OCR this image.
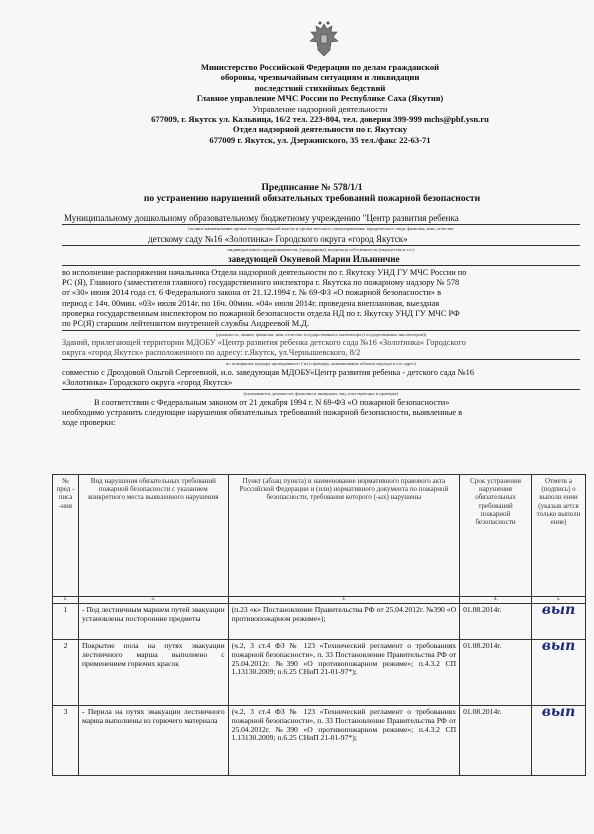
Министерство Российской Федерации по делам гражданской
обороны, чрезвычайным ситуациям и ликвидации
последствий стихийных бедствий
Главное управление МЧС России по Республике Саха (Якутия)
Управление надзорной деятельности
677009, г. Якутск ул. Кальвица, 16/2 тел. 223-804, тел. доверия 399-999 mchs@pbf.ysn.ru
Отдел надзорной деятельности по г. Якутску
677009 г. Якутск, ул. Дзержинского, 35 тел./факс 22-63-71
Предписание № 578/1/1
по устранению нарушений обязательных требований пожарной безопасности
Муниципальному дошкольному образовательному бюджетному учреждению "Центр развития ребенка
(полное наименование органа государственной власти и органа местного самоуправления, юридического лица, фамилия, имя, отчество
детскому саду №16 «Золотинка» Городского округа «город Якутск»
индивидуального предпринимателя, (гражданина), владельца собственности (имущества и т.п.)
заведующей Окуневой Марии Ильиничне
во исполнение распоряжения начальника Отдела надзорной деятельности по г. Якутску УНД ГУ МЧС России по
РС (Я), Главного (заместителя главного) государственного инспектора г. Якутска по пожарному надзору № 578
от «30» июня 2014 года ст. 6 Федерального закона от 21.12.1994 г. № 69-ФЗ «О пожарной безопасности» в
период с 14ч. 00мин. «03» июля 2014г. по 16ч. 00мин. «04» июля 2014г. проведена внеплановая, выездная
проверка государственным инспектором по пожарной безопасности отдела НД по г. Якутску УНД ГУ МЧС РФ
по РС(Я) старшим лейтенантом внутренней службы Андреевой М.Д.
(должность, звание, фамилия, имя, отчество государственного инспектора (государственных инспекторов))
Зданий, прилегающей территории МДОБУ «Центр развития ребенка детского сада №16 «Золотинка» Городского
округа «город Якутск» расположенного по адресу: г.Якутск, ул.Чернышевского, 8/2
по пожарному надзору проводившего (-их) проверку, наименование объекта надзора и его адрес)
совместно с Дроздовой Ольгой Сергеевной, и.о. заведующая МДОБУ«Центр развития ребенка - детского сада №16
«Золотинка» Городского округа «город Якутск»
(указываются должности, фамилии и инициалы лиц, участвующих в проверке)
В соответствии с Федеральным законом от 21 декабря 1994 г. N 69-ФЗ «О пожарной безопасности»
необходимо устранить следующие нарушения обязательных требований пожарной безопасности, выявленные в
ходе проверки:
№ пред - писа -ния	Вид нарушения обязательных требований пожарной безопасности с указанием конкретного места выявленного нарушения	Пункт (абзац пункта) и наименование нормативного правового акта Российской Федерации и (или) нормативного документа по пожарной безопасности, требования которого (-ых) нарушены	Срок устранения нарушения обязательных требований пожарной безопасности	Отметк а (подпись) о выполн ении (указыв ается только выполн ение)
1.	2.	3.	4.	5.
1	- Под лестничным маршем путей эвакуации установлены посторонние предметы	(п.23 «к» Постановление Правительства РФ от 25.04.2012г. №390 «О противопожарном режиме»);	01.08.2014г.	вып
2	Покрытие пола на путях эвакуации лестничного марша выполнено с применением горючих красок	(ч.2, 3 ст.4 ФЗ № 123 «Технический регламент о требованиях пожарной безопасности», п. 33 Постановление Правительства РФ от 25.04.2012г. №390 «О противопожарном режиме»; п.4.3.2 СП 1.13130.2009; п.6.25 СНиП 21-01-97*);	01.08.2014г.	вып
3	- Перила на путях эвакуации лестничного марша выполнены из горючего материала	(ч.2, 3 ст.4 ФЗ № 123 «Технический регламент о требованиях пожарной безопасности», п. 33 Постановление Правительства РФ от 25.04.2012г. №390 «О противопожарном режиме»; п.4.3.2 СП 1.13130.2009; п.6.25 СНиП 21-01-97*);	01.08.2014г.	вып
